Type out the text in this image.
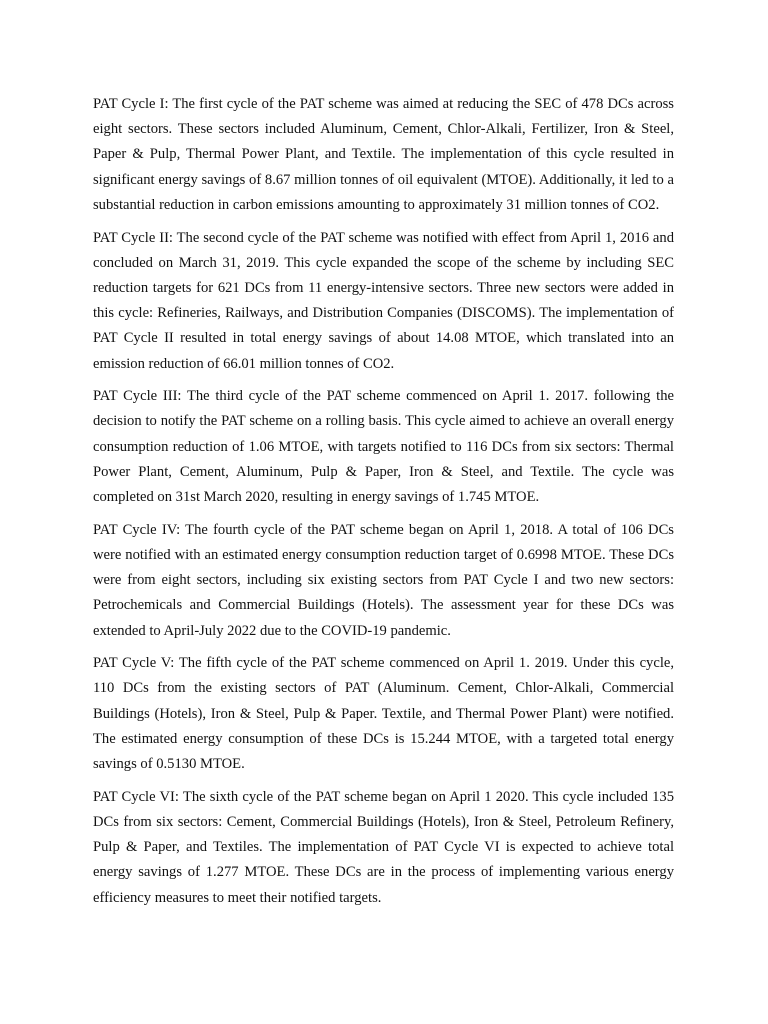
PAT Cycle I: The first cycle of the PAT scheme was aimed at reducing the SEC of 478 DCs across eight sectors. These sectors included Aluminum, Cement, Chlor-Alkali, Fertilizer, Iron & Steel, Paper & Pulp, Thermal Power Plant, and Textile. The implementation of this cycle resulted in significant energy savings of 8.67 million tonnes of oil equivalent (MTOE). Additionally, it led to a substantial reduction in carbon emissions amounting to approximately 31 million tonnes of CO2.

PAT Cycle II: The second cycle of the PAT scheme was notified with effect from April 1, 2016 and concluded on March 31, 2019. This cycle expanded the scope of the scheme by including SEC reduction targets for 621 DCs from 11 energy-intensive sectors. Three new sectors were added in this cycle: Refineries, Railways, and Distribution Companies (DISCOMS). The implementation of PAT Cycle II resulted in total energy savings of about 14.08 MTOE, which translated into an emission reduction of 66.01 million tonnes of CO2.

PAT Cycle III: The third cycle of the PAT scheme commenced on April 1. 2017. following the decision to notify the PAT scheme on a rolling basis. This cycle aimed to achieve an overall energy consumption reduction of 1.06 MTOE, with targets notified to 116 DCs from six sectors: Thermal Power Plant, Cement, Aluminum, Pulp & Paper, Iron & Steel, and Textile. The cycle was completed on 31st March 2020, resulting in energy savings of 1.745 MTOE.

PAT Cycle IV: The fourth cycle of the PAT scheme began on April 1, 2018. A total of 106 DCs were notified with an estimated energy consumption reduction target of 0.6998 MTOE. These DCs were from eight sectors, including six existing sectors from PAT Cycle I and two new sectors: Petrochemicals and Commercial Buildings (Hotels). The assessment year for these DCs was extended to April-July 2022 due to the COVID-19 pandemic.

PAT Cycle V: The fifth cycle of the PAT scheme commenced on April 1. 2019. Under this cycle, 110 DCs from the existing sectors of PAT (Aluminum. Cement, Chlor-Alkali, Commercial Buildings (Hotels), Iron & Steel, Pulp & Paper. Textile, and Thermal Power Plant) were notified. The estimated energy consumption of these DCs is 15.244 MTOE, with a targeted total energy savings of 0.5130 MTOE.

PAT Cycle VI: The sixth cycle of the PAT scheme began on April 1 2020. This cycle included 135 DCs from six sectors: Cement, Commercial Buildings (Hotels), Iron & Steel, Petroleum Refinery, Pulp & Paper, and Textiles. The implementation of PAT Cycle VI is expected to achieve total energy savings of 1.277 MTOE. These DCs are in the process of implementing various energy efficiency measures to meet their notified targets.
